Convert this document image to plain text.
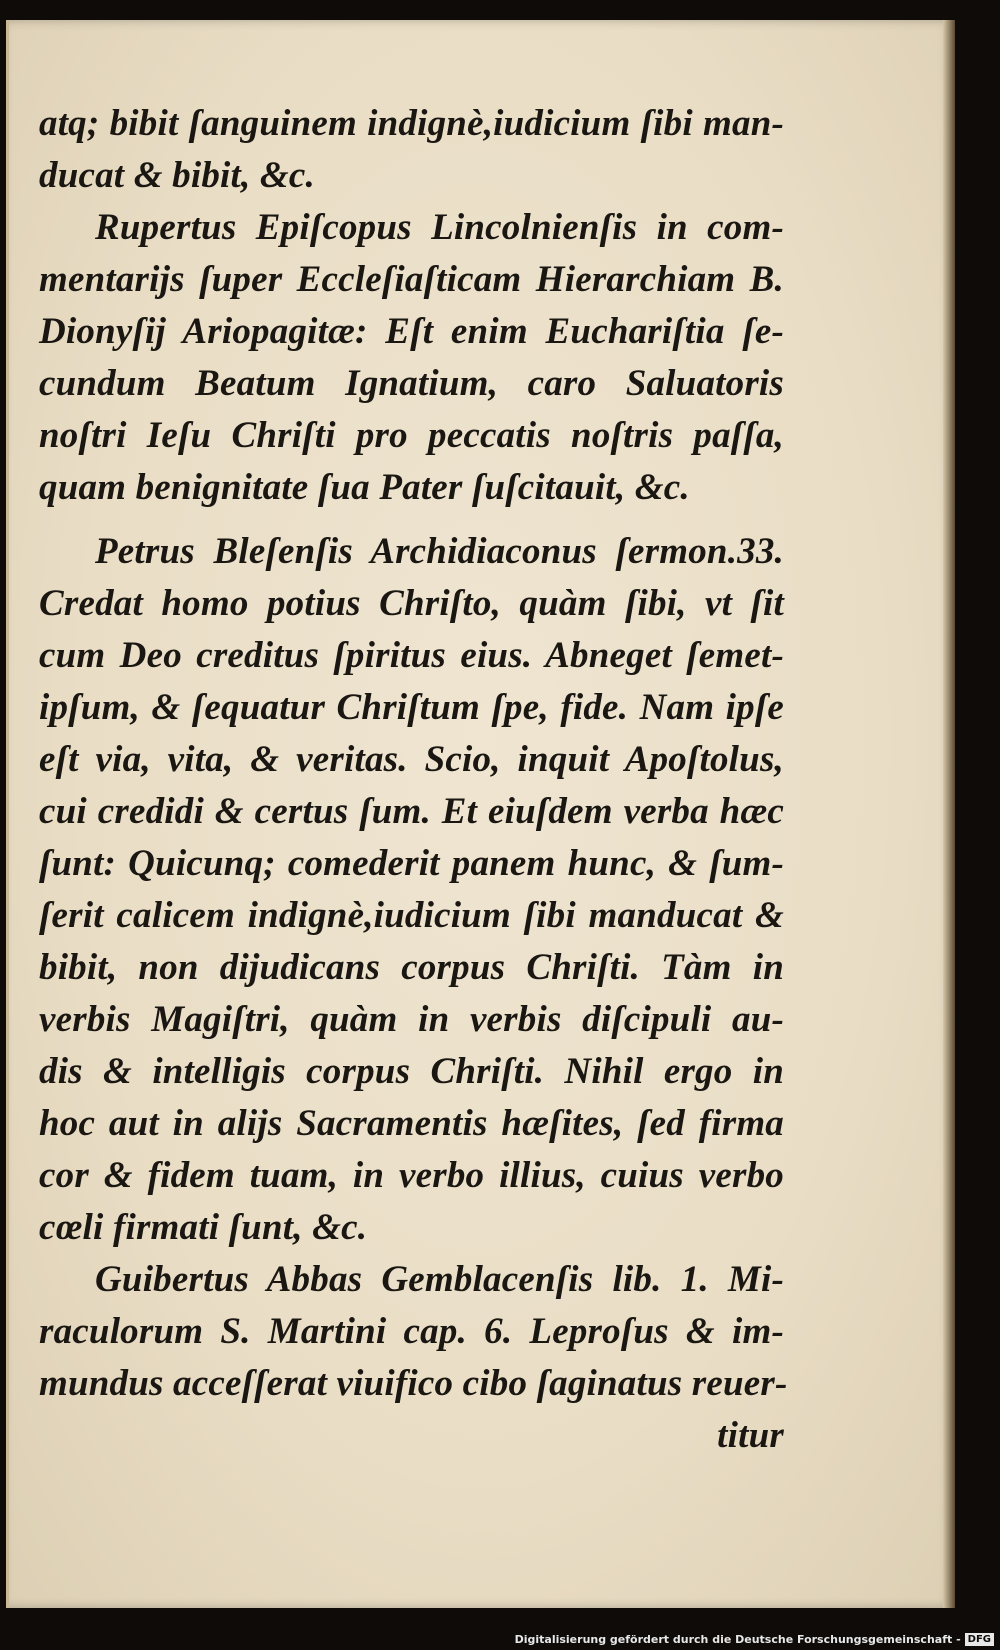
atq; bibit ſanguinem indignè,iudicium ſibi man-
ducat & bibit, &c.
Rupertus Epiſcopus Lincolnienſis in com-
mentarijs ſuper Eccleſiaſticam Hierarchiam B.
Dionyſij Ariopagitæ: Eſt enim Euchariſtia ſe-
cundum Beatum Ignatium, caro Saluatoris
noſtri Ieſu Chriſti pro peccatis noſtris paſſa,
quam benignitate ſua Pater ſuſcitauit, &c.
Petrus Bleſenſis Archidiaconus ſermon.33.
Credat homo potius Chriſto, quàm ſibi, vt ſit
cum Deo creditus ſpiritus eius. Abneget ſemet-
ipſum, & ſequatur Chriſtum ſpe, fide. Nam ipſe
eſt via, vita, & veritas. Scio, inquit Apoſtolus,
cui credidi & certus ſum. Et eiuſdem verba hæc
ſunt: Quicunq; comederit panem hunc, & ſum-
ſerit calicem indignè,iudicium ſibi manducat &
bibit, non dijudicans corpus Chriſti. Tàm in
verbis Magiſtri, quàm in verbis diſcipuli au-
dis & intelligis corpus Chriſti. Nihil ergo in
hoc aut in alijs Sacramentis hæſites, ſed firma
cor & fidem tuam, in verbo illius, cuius verbo
cœli firmati ſunt, &c.
Guibertus Abbas Gemblacenſis lib. 1. Mi-
raculorum S. Martini cap. 6. Leproſus & im-
mundus acceſſerat viuifico cibo ſaginatus reuer-
titur
Digitalisierung gefördert durch die Deutsche Forschungsgemeinschaft - DFG
